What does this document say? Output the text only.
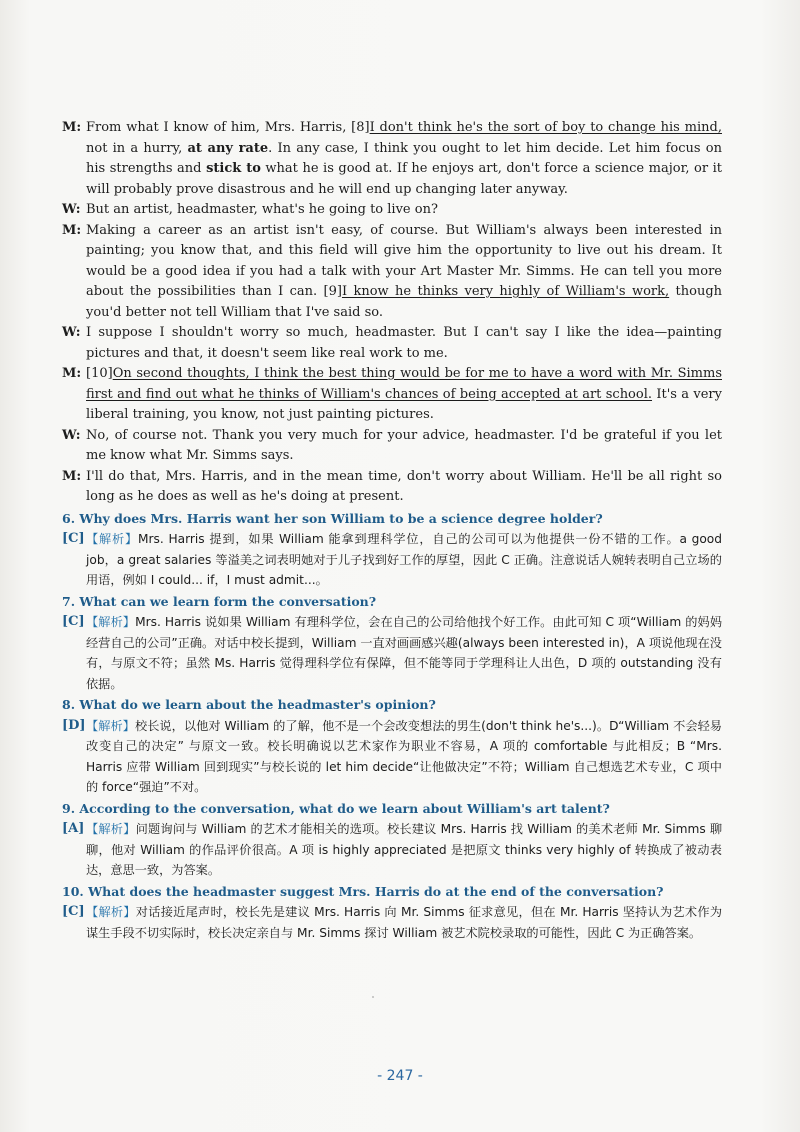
M: From what I know of him, Mrs. Harris, [8]I don't think he's the sort of boy to change his mind, not in a hurry, at any rate. In any case, I think you ought to let him decide. Let him focus on his strengths and stick to what he is good at. If he enjoys art, don't force a science major, or it will probably prove disastrous and he will end up changing later anyway.
W: But an artist, headmaster, what's he going to live on?
M: Making a career as an artist isn't easy, of course. But William's always been interested in painting; you know that, and this field will give him the opportunity to live out his dream. It would be a good idea if you had a talk with your Art Master Mr. Simms. He can tell you more about the possibilities than I can. [9]I know he thinks very highly of William's work, though you'd better not tell William that I've said so.
W: I suppose I shouldn't worry so much, headmaster. But I can't say I like the idea—painting pictures and that, it doesn't seem like real work to me.
M: [10]On second thoughts, I think the best thing would be for me to have a word with Mr. Simms first and find out what he thinks of William's chances of being accepted at art school. It's a very liberal training, you know, not just painting pictures.
W: No, of course not. Thank you very much for your advice, headmaster. I'd be grateful if you let me know what Mr. Simms says.
M: I'll do that, Mrs. Harris, and in the mean time, don't worry about William. He'll be all right so long as he does as well as he's doing at present.
6. Why does Mrs. Harris want her son William to be a science degree holder?
[C] 【解析】Mrs. Harris 提到，如果 William 能拿到理科学位，自己的公司可以为他提供一份不错的工作。a good job，a great salaries 等溢美之词表明她对于儿子找到好工作的厚望，因此 C 正确。注意说话人婉转表明自己立场的用语，例如 I could... if，I must admit...。
7. What can we learn form the conversation?
[C] 【解析】Mrs. Harris 说如果 William 有理科学位，会在自己的公司给他找个好工作。由此可知 C 项“William 的妈妈经营自己的公司”正确。对话中校长提到，William 一直对画画感兴趣(always been interested in)，A 项说他现在没有，与原文不符；虽然 Ms. Harris 觉得理科学位有保障，但不能等同于学理科让人出色，D 项的 outstanding 没有依据。
8. What do we learn about the headmaster's opinion?
[D] 【解析】校长说，以他对 William 的了解，他不是一个会改变想法的男生(don't think he's...)。D“William 不会轻易改变自己的决定” 与原文一致。校长明确说以艺术家作为职业不容易，A 项的 comfortable 与此相反；B “Mrs. Harris 应带 William 回到现实”与校长说的 let him decide“让他做决定”不符；William 自己想选艺术专业，C 项中的 force“强迫”不对。
9. According to the conversation, what do we learn about William's art talent?
[A] 【解析】问题询问与 William 的艺术才能相关的选项。校长建议 Mrs. Harris 找 William 的美术老师 Mr. Simms 聊聊，他对 William 的作品评价很高。A 项 is highly appreciated 是把原文 thinks very highly of 转换成了被动表达，意思一致，为答案。
10. What does the headmaster suggest Mrs. Harris do at the end of the conversation?
[C] 【解析】对话接近尾声时，校长先是建议 Mrs. Harris 向 Mr. Simms 征求意见，但在 Mr. Harris 坚持认为艺术作为谋生手段不切实际时，校长决定亲自与 Mr. Simms 探讨 William 被艺术院校录取的可能性，因此 C 为正确答案。
- 247 -
